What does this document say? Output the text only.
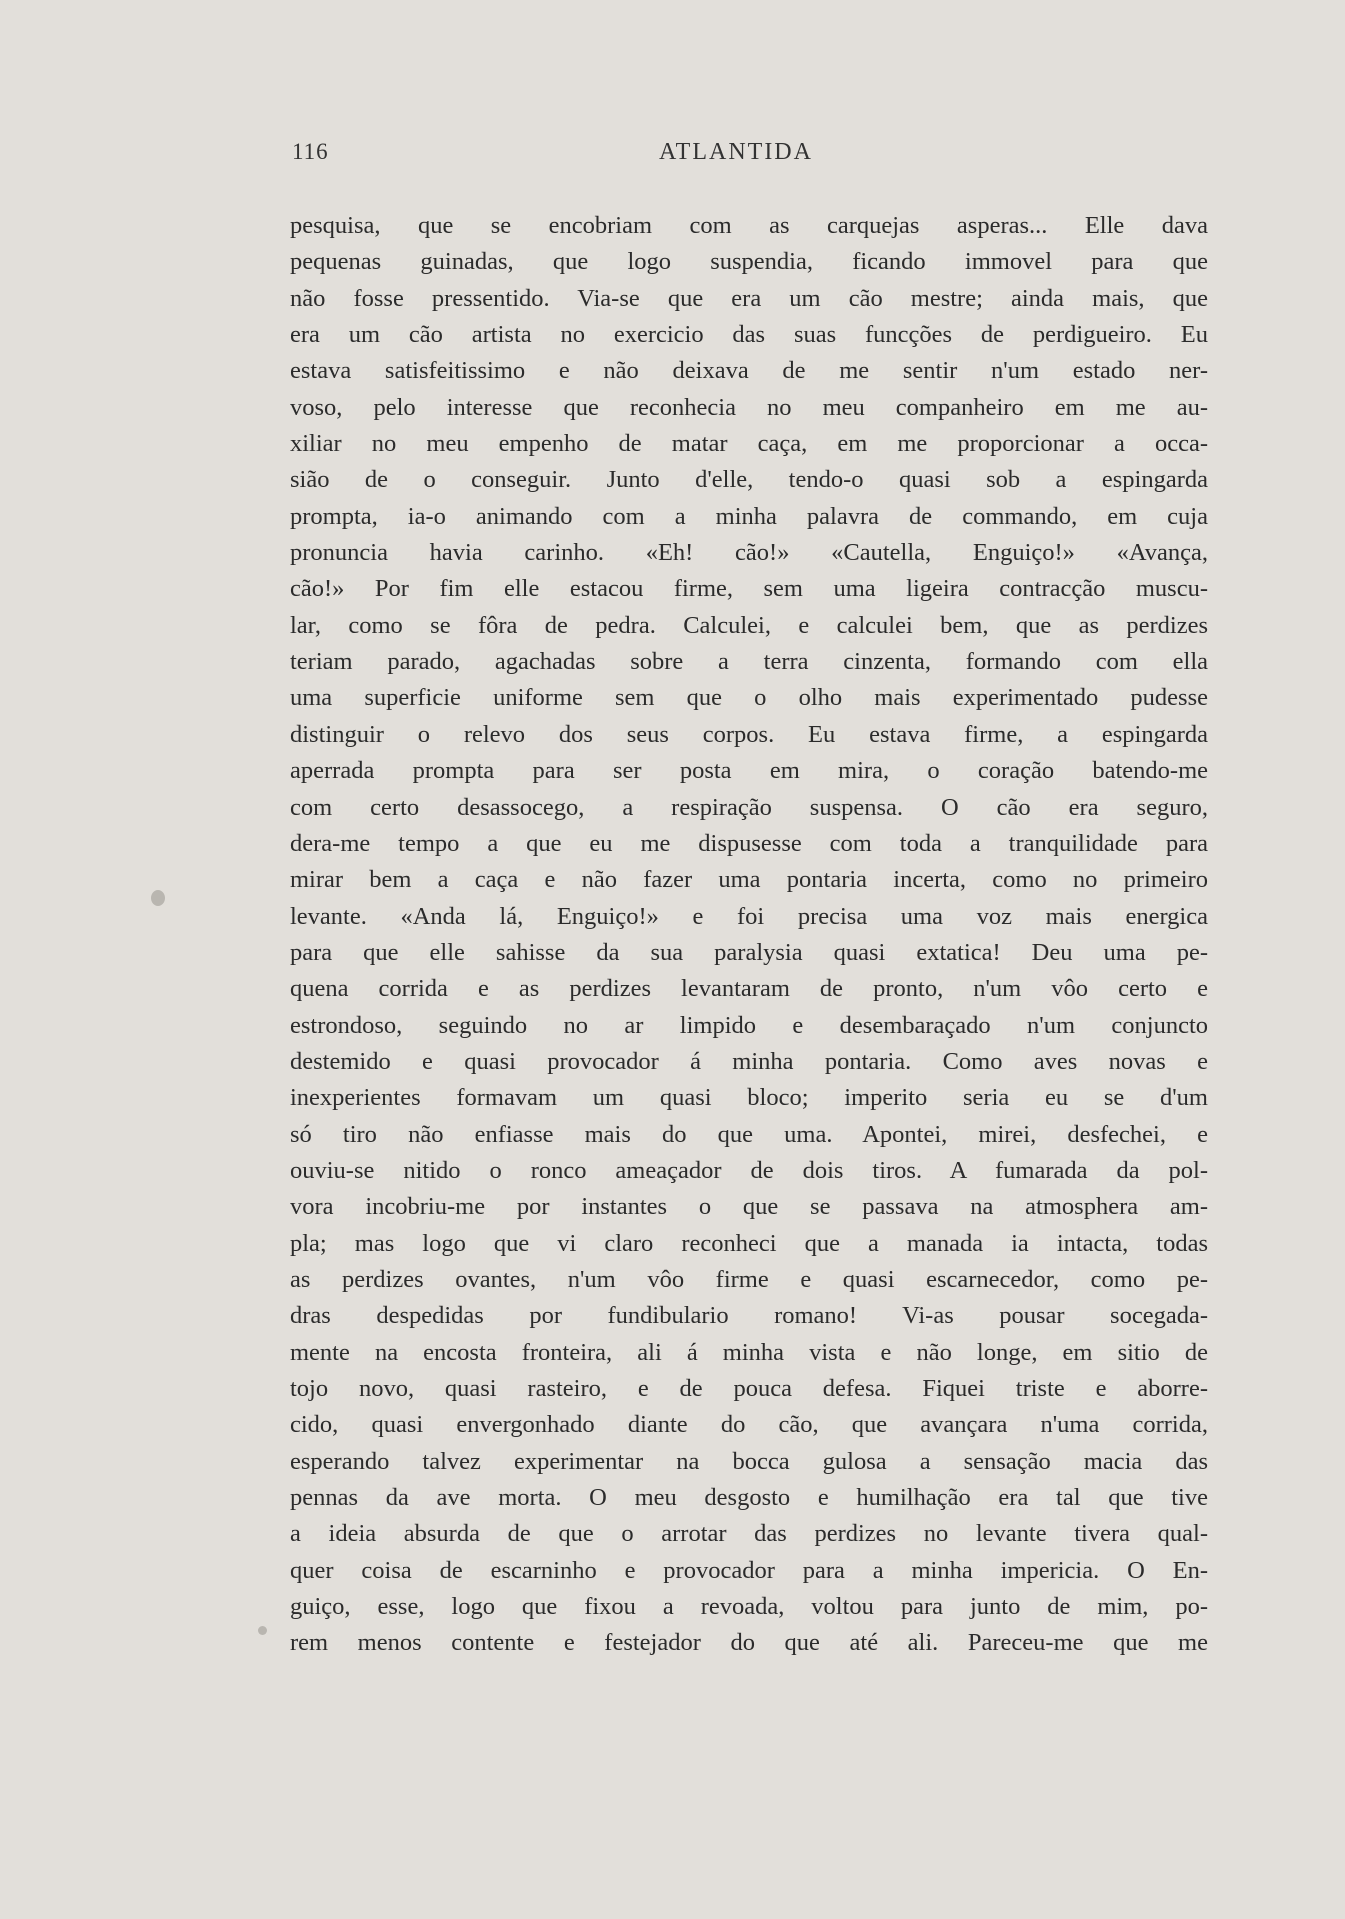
116	ATLANTIDA
pesquisa, que se encobriam com as carquejas asperas... Elle dava
pequenas guinadas, que logo suspendia, ficando immovel para que
não fosse pressentido. Via-se que era um cão mestre; ainda mais, que
era um cão artista no exercicio das suas funcções de perdigueiro. Eu
estava satisfeitissimo e não deixava de me sentir n'um estado ner-
voso, pelo interesse que reconhecia no meu companheiro em me au-
xiliar no meu empenho de matar caça, em me proporcionar a occa-
sião de o conseguir. Junto d'elle, tendo-o quasi sob a espingarda
prompta, ia-o animando com a minha palavra de commando, em cuja
pronuncia havia carinho. «Eh! cão!» «Cautella, Enguiço!» «Avança,
cão!» Por fim elle estacou firme, sem uma ligeira contracção muscu-
lar, como se fôra de pedra. Calculei, e calculei bem, que as perdizes
teriam parado, agachadas sobre a terra cinzenta, formando com ella
uma superficie uniforme sem que o olho mais experimentado pudesse
distinguir o relevo dos seus corpos. Eu estava firme, a espingarda
aperrada prompta para ser posta em mira, o coração batendo-me
com certo desassocego, a respiração suspensa. O cão era seguro,
dera-me tempo a que eu me dispusesse com toda a tranquilidade para
mirar bem a caça e não fazer uma pontaria incerta, como no primeiro
levante. «Anda lá, Enguiço!» e foi precisa uma voz mais energica
para que elle sahisse da sua paralysia quasi extatica! Deu uma pe-
quena corrida e as perdizes levantaram de pronto, n'um vôo certo e
estrondoso, seguindo no ar limpido e desembaraçado n'um conjuncto
destemido e quasi provocador á minha pontaria. Como aves novas e
inexperientes formavam um quasi bloco; imperito seria eu se d'um
só tiro não enfiasse mais do que uma. Apontei, mirei, desfechei, e
ouviu-se nitido o ronco ameaçador de dois tiros. A fumarada da pol-
vora incobriu-me por instantes o que se passava na atmosphera am-
pla; mas logo que vi claro reconheci que a manada ia intacta, todas
as perdizes ovantes, n'um vôo firme e quasi escarnecedor, como pe-
dras despedidas por fundibulario romano! Vi-as pousar socegada-
mente na encosta fronteira, ali á minha vista e não longe, em sitio de
tojo novo, quasi rasteiro, e de pouca defesa. Fiquei triste e aborre-
cido, quasi envergonhado diante do cão, que avançara n'uma corrida,
esperando talvez experimentar na bocca gulosa a sensação macia das
pennas da ave morta. O meu desgosto e humilhação era tal que tive
a ideia absurda de que o arrotar das perdizes no levante tivera qual-
quer coisa de escarninho e provocador para a minha impericia. O En-
guiço, esse, logo que fixou a revoada, voltou para junto de mim, po-
rem menos contente e festejador do que até ali. Pareceu-me que me
